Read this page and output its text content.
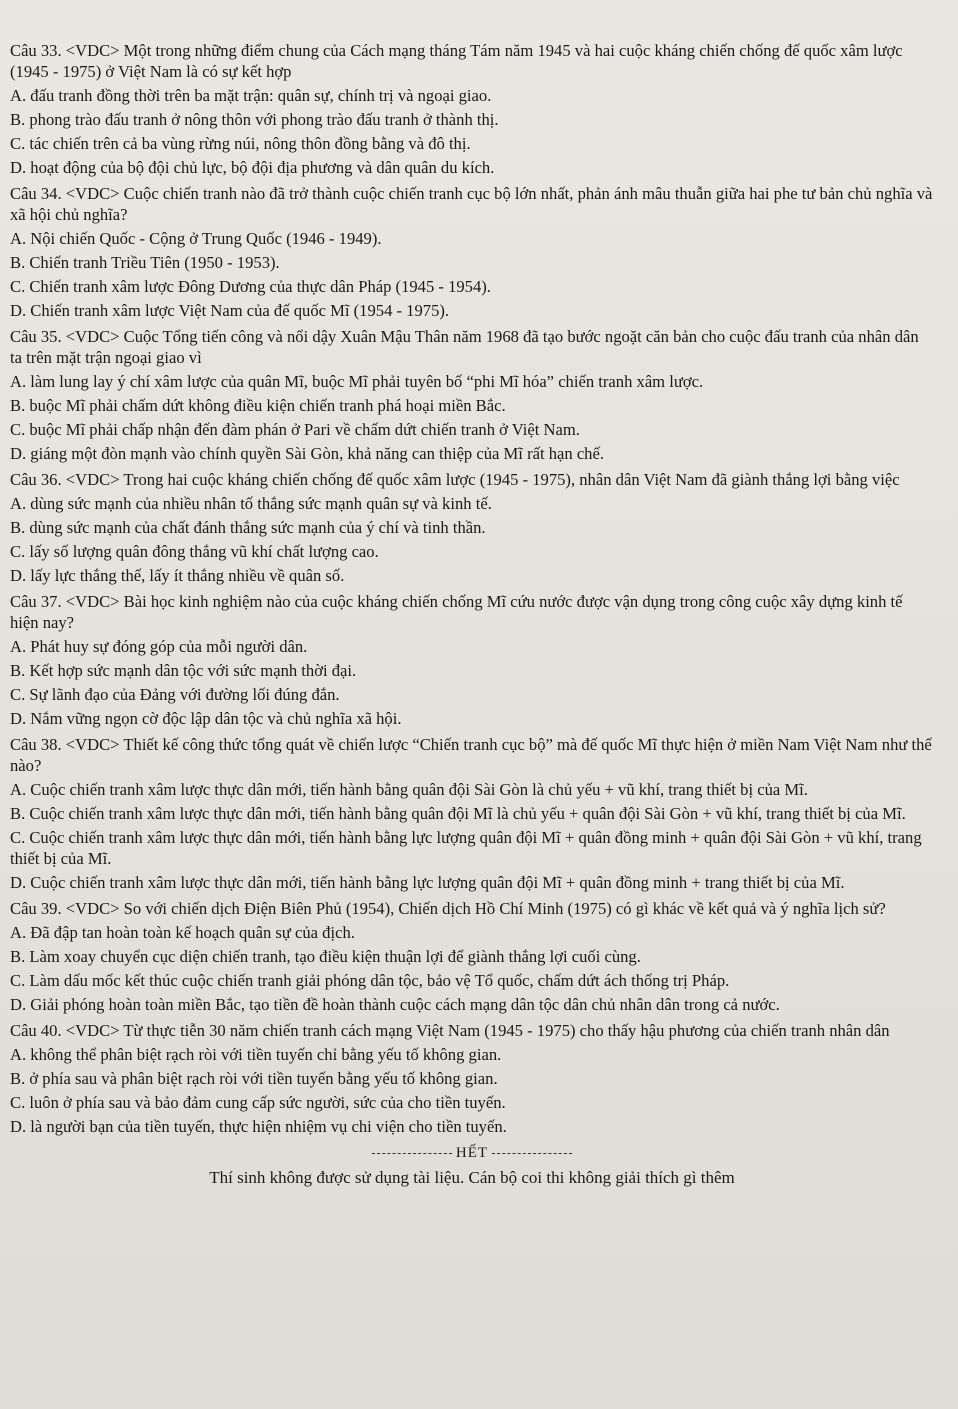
Câu 33. <VDC> Một trong những điểm chung của Cách mạng tháng Tám năm 1945 và hai cuộc kháng chiến chống đế quốc xâm lược (1945 - 1975) ở Việt Nam là có sự kết hợp

A. đấu tranh đồng thời trên ba mặt trận: quân sự, chính trị và ngoại giao.

B. phong trào đấu tranh ở nông thôn với phong trào đấu tranh ở thành thị.

C. tác chiến trên cả ba vùng rừng núi, nông thôn đồng bằng và đô thị.

D. hoạt động của bộ đội chủ lực, bộ đội địa phương và dân quân du kích.

Câu 34. <VDC> Cuộc chiến tranh nào đã trở thành cuộc chiến tranh cục bộ lớn nhất, phản ánh mâu thuẫn giữa hai phe tư bản chủ nghĩa và xã hội chủ nghĩa?

A. Nội chiến Quốc - Cộng ở Trung Quốc (1946 - 1949).

B. Chiến tranh Triều Tiên (1950 - 1953).

C. Chiến tranh xâm lược Đông Dương của thực dân Pháp (1945 - 1954).

D. Chiến tranh xâm lược Việt Nam của đế quốc Mĩ (1954 - 1975).

Câu 35. <VDC> Cuộc Tổng tiến công và nổi dậy Xuân Mậu Thân năm 1968 đã tạo bước ngoặt căn bản cho cuộc đấu tranh của nhân dân ta trên mặt trận ngoại giao vì

A. làm lung lay ý chí xâm lược của quân Mĩ, buộc Mĩ phải tuyên bố “phi Mĩ hóa” chiến tranh xâm lược.

B. buộc Mĩ phải chấm dứt không điều kiện chiến tranh phá hoại miền Bắc.

C. buộc Mĩ phải chấp nhận đến đàm phán ở Pari về chấm dứt chiến tranh ở Việt Nam.

D. giáng một đòn mạnh vào chính quyền Sài Gòn, khả năng can thiệp của Mĩ rất hạn chế.

Câu 36. <VDC> Trong hai cuộc kháng chiến chống đế quốc xâm lược (1945 - 1975), nhân dân Việt Nam đã giành thắng lợi bằng việc

A. dùng sức mạnh của nhiều nhân tố thắng sức mạnh quân sự và kinh tế.

B. dùng sức mạnh của chất đánh thắng sức mạnh của ý chí và tinh thần.

C. lấy số lượng quân đông thắng vũ khí chất lượng cao.

D. lấy lực thắng thế, lấy ít thắng nhiều về quân số.

Câu 37. <VDC> Bài học kinh nghiệm nào của cuộc kháng chiến chống Mĩ cứu nước được vận dụng trong công cuộc xây dựng kinh tế hiện nay?

A. Phát huy sự đóng góp của mỗi người dân.

B. Kết hợp sức mạnh dân tộc với sức mạnh thời đại.

C. Sự lãnh đạo của Đảng với đường lối đúng đắn.

D. Nắm vững ngọn cờ độc lập dân tộc và chủ nghĩa xã hội.

Câu 38. <VDC> Thiết kế công thức tổng quát về chiến lược “Chiến tranh cục bộ” mà đế quốc Mĩ thực hiện ở miền Nam Việt Nam như thế nào?

A. Cuộc chiến tranh xâm lược thực dân mới, tiến hành bằng quân đội Sài Gòn là chủ yếu + vũ khí, trang thiết bị của Mĩ.

B. Cuộc chiến tranh xâm lược thực dân mới, tiến hành bằng quân đội Mĩ là chủ yếu + quân đội Sài Gòn + vũ khí, trang thiết bị của Mĩ.

C. Cuộc chiến tranh xâm lược thực dân mới, tiến hành bằng lực lượng quân đội Mĩ + quân đồng minh + quân đội Sài Gòn + vũ khí, trang thiết bị của Mĩ.

D. Cuộc chiến tranh xâm lược thực dân mới, tiến hành bằng lực lượng quân đội Mĩ + quân đồng minh + trang thiết bị của Mĩ.

Câu 39. <VDC> So với chiến dịch Điện Biên Phủ (1954), Chiến dịch Hồ Chí Minh (1975) có gì khác về kết quả và ý nghĩa lịch sử?

A. Đã đập tan hoàn toàn kế hoạch quân sự của địch.

B. Làm xoay chuyển cục diện chiến tranh, tạo điều kiện thuận lợi để giành thắng lợi cuối cùng.

C. Làm dấu mốc kết thúc cuộc chiến tranh giải phóng dân tộc, bảo vệ Tổ quốc, chấm dứt ách thống trị Pháp.

D. Giải phóng hoàn toàn miền Bắc, tạo tiền đề hoàn thành cuộc cách mạng dân tộc dân chủ nhân dân trong cả nước.

Câu 40. <VDC> Từ thực tiễn 30 năm chiến tranh cách mạng Việt Nam (1945 - 1975) cho thấy hậu phương của chiến tranh nhân dân

A. không thể phân biệt rạch ròi với tiền tuyến chỉ bằng yếu tố không gian.

B. ở phía sau và phân biệt rạch ròi với tiền tuyến bằng yếu tố không gian.

C. luôn ở phía sau và bảo đảm cung cấp sức người, sức của cho tiền tuyến.

D. là người bạn của tiền tuyến, thực hiện nhiệm vụ chi viện cho tiền tuyến.

HẾT

Thí sinh không được sử dụng tài liệu. Cán bộ coi thi không giải thích gì thêm
